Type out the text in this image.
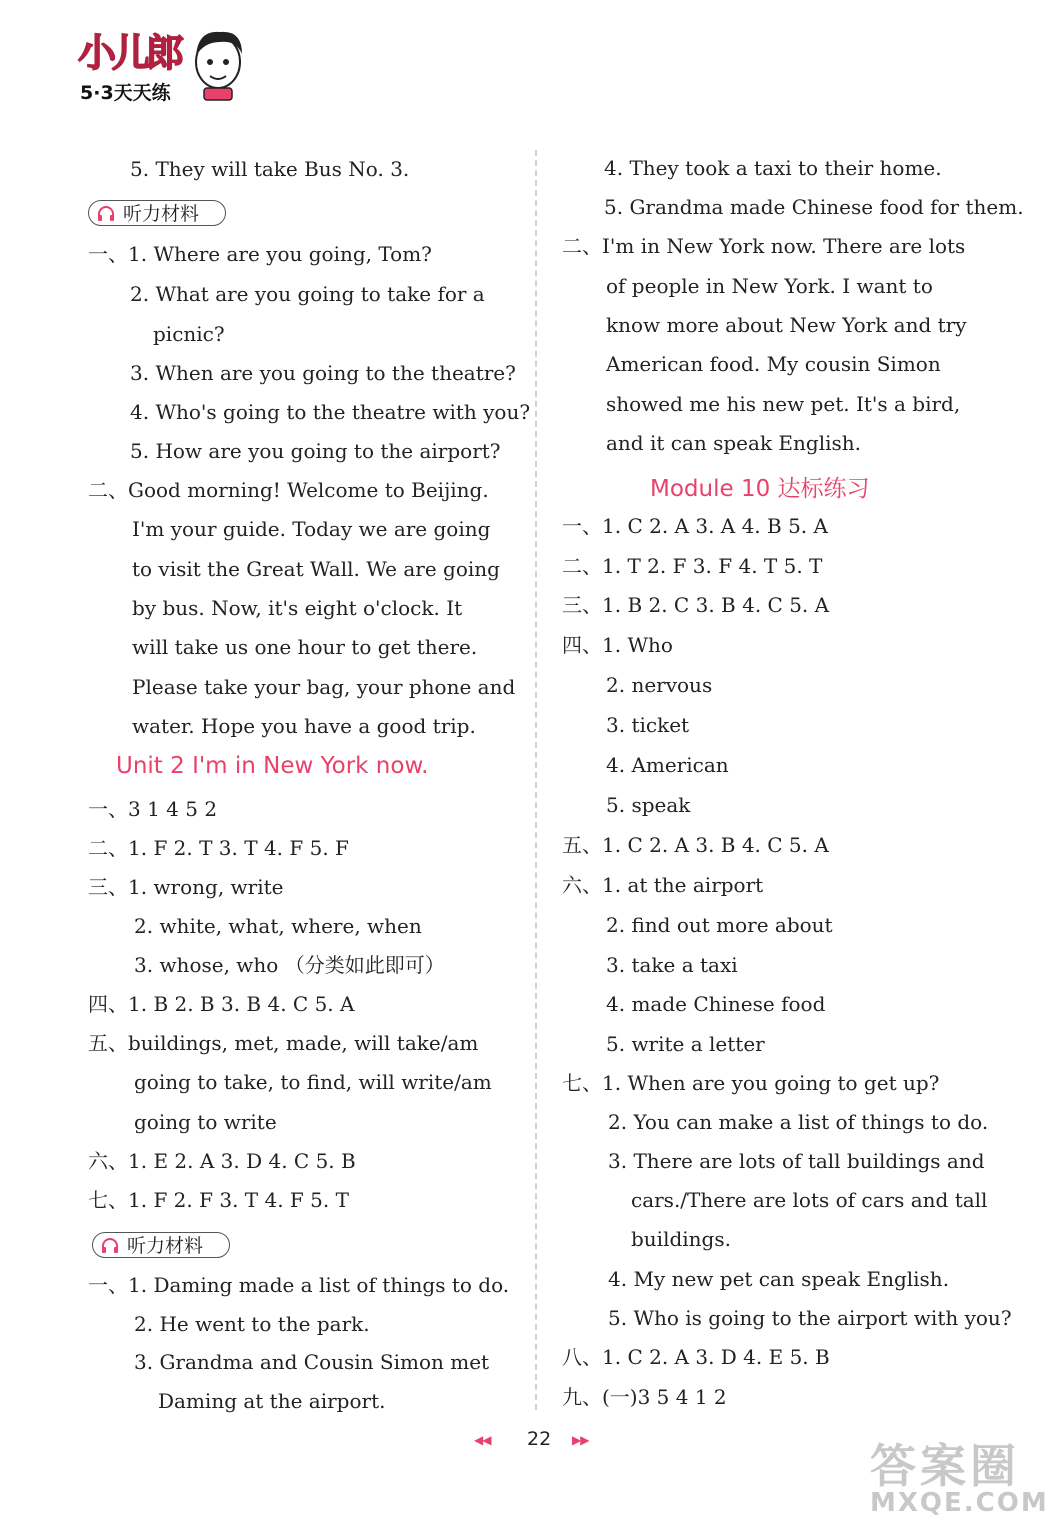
小儿郎
5·3天天练
5. They will take Bus No. 3.
听力材料
一、1. Where are you going, Tom?
2. What are you going to take for a
picnic?
3. When are you going to the theatre?
4. Who's going to the theatre with you?
5. How are you going to the airport?
二、Good morning! Welcome to Beijing.
I'm your guide. Today we are going
to visit the Great Wall. We are going
by bus. Now, it's eight o'clock. It
will take us one hour to get there.
Please take your bag, your phone and
water. Hope you have a good trip.
Unit 2 I'm in New York now.
一、3 1 4 5 2
二、1. F 2. T 3. T 4. F 5. F
三、1. wrong, write
2. white, what, where, when
3. whose, who （分类如此即可）
四、1. B 2. B 3. B 4. C 5. A
五、buildings, met, made, will take/am
going to take, to find, will write/am
going to write
六、1. E 2. A 3. D 4. C 5. B
七、1. F 2. F 3. T 4. F 5. T
听力材料
一、1. Daming made a list of things to do.
2. He went to the park.
3. Grandma and Cousin Simon met
Daming at the airport.
4. They took a taxi to their home.
5. Grandma made Chinese food for them.
二、I'm in New York now. There are lots
of people in New York. I want to
know more about New York and try
American food. My cousin Simon
showed me his new pet. It's a bird,
and it can speak English.
Module 10 达标练习
一、1. C 2. A 3. A 4. B 5. A
二、1. T 2. F 3. F 4. T 5. T
三、1. B 2. C 3. B 4. C 5. A
四、1. Who
2. nervous
3. ticket
4. American
5. speak
五、1. C 2. A 3. B 4. C 5. A
六、1. at the airport
2. find out more about
3. take a taxi
4. made Chinese food
5. write a letter
七、1. When are you going to get up?
2. You can make a list of things to do.
3. There are lots of tall buildings and
cars./There are lots of cars and tall
buildings.
4. My new pet can speak English.
5. Who is going to the airport with you?
八、1. C 2. A 3. D 4. E 5. B
九、(一)3 5 4 1 2
◀◀ 22 ▶▶	答案圈
MXQE.COM
